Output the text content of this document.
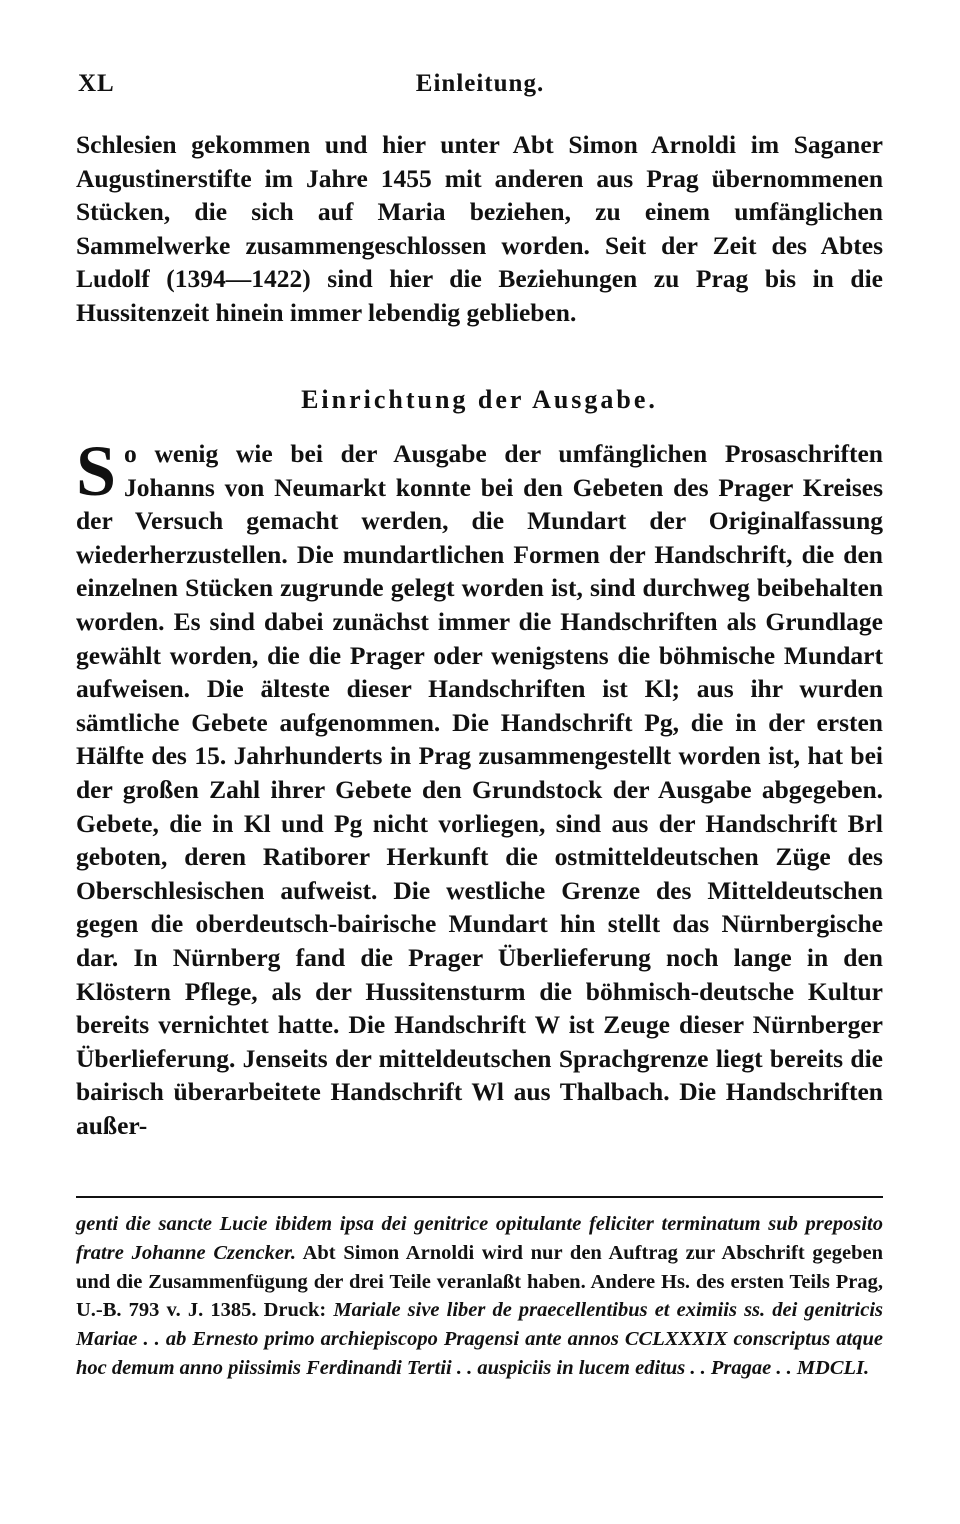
XL	Einleitung.

Schlesien gekommen und hier unter Abt Simon Arnoldi im Saganer Augustinerstifte im Jahre 1455 mit anderen aus Prag übernommenen Stücken, die sich auf Maria beziehen, zu einem umfänglichen Sammelwerke zusammengeschlossen worden. Seit der Zeit des Abtes Ludolf (1394—1422) sind hier die Beziehungen zu Prag bis in die Hussitenzeit hinein immer lebendig geblieben.

Einrichtung der Ausgabe.

So wenig wie bei der Ausgabe der umfänglichen Prosaschriften Johanns von Neumarkt konnte bei den Gebeten des Prager Kreises der Versuch gemacht werden, die Mundart der Originalfassung wiederherzustellen. Die mundartlichen Formen der Handschrift, die den einzelnen Stücken zugrunde gelegt worden ist, sind durchweg beibehalten worden. Es sind dabei zunächst immer die Handschriften als Grundlage gewählt worden, die die Prager oder wenigstens die böhmische Mundart aufweisen. Die älteste dieser Handschriften ist Kl; aus ihr wurden sämtliche Gebete aufgenommen. Die Handschrift Pg, die in der ersten Hälfte des 15. Jahrhunderts in Prag zusammengestellt worden ist, hat bei der großen Zahl ihrer Gebete den Grundstock der Ausgabe abgegeben. Gebete, die in Kl und Pg nicht vorliegen, sind aus der Handschrift Brl geboten, deren Ratiborer Herkunft die ostmitteldeutschen Züge des Oberschlesischen aufweist. Die westliche Grenze des Mitteldeutschen gegen die oberdeutsch-bairische Mundart hin stellt das Nürnbergische dar. In Nürnberg fand die Prager Überlieferung noch lange in den Klöstern Pflege, als der Hussitensturm die böhmisch-deutsche Kultur bereits vernichtet hatte. Die Handschrift W ist Zeuge dieser Nürnberger Überlieferung. Jenseits der mitteldeutschen Sprachgrenze liegt bereits die bairisch überarbeitete Handschrift Wl aus Thalbach. Die Handschriften außer-

genti die sancte Lucie ibidem ipsa dei genitrice opitulante feliciter terminatum sub preposito fratre Johanne Czencker. Abt Simon Arnoldi wird nur den Auftrag zur Abschrift gegeben und die Zusammenfügung der drei Teile veranlaßt haben. Andere Hs. des ersten Teils Prag, U.-B. 793 v. J. 1385. Druck: Mariale sive liber de praecellentibus et eximiis ss. dei genitricis Mariae . . ab Ernesto primo archiepiscopo Pragensi ante annos CCLXXXIX conscriptus atque hoc demum anno piissimis Ferdinandi Tertii . . auspiciis in lucem editus . . Pragae . . MDCLI.
